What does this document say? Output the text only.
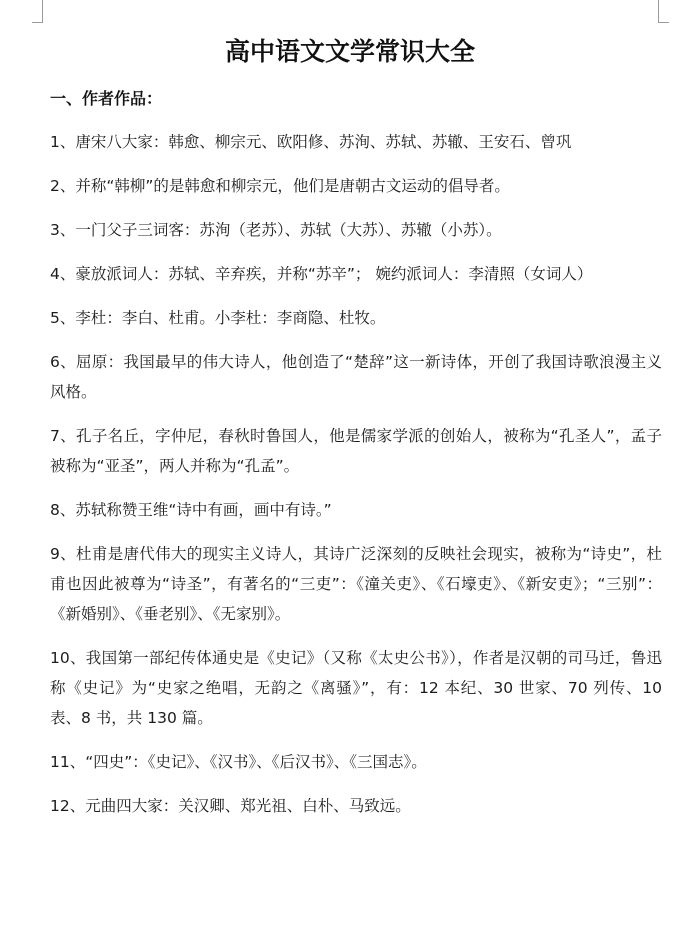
高中语文文学常识大全
一、作者作品：
1、唐宋八大家：韩愈、柳宗元、欧阳修、苏洵、苏轼、苏辙、王安石、曾巩
2、并称“韩柳”的是韩愈和柳宗元，他们是唐朝古文运动的倡导者。
3、一门父子三词客：苏洵（老苏）、苏轼（大苏）、苏辙（小苏）。
4、豪放派词人：苏轼、辛弃疾，并称“苏辛”； 婉约派词人：李清照（女词人）
5、李杜：李白、杜甫。小李杜：李商隐、杜牧。
6、屈原：我国最早的伟大诗人，他创造了“楚辞”这一新诗体，开创了我国诗歌浪漫主义风格。
7、孔子名丘，字仲尼，春秋时鲁国人，他是儒家学派的创始人，被称为“孔圣人”，孟子被称为“亚圣”，两人并称为“孔孟”。
8、苏轼称赞王维“诗中有画，画中有诗。”
9、杜甫是唐代伟大的现实主义诗人，其诗广泛深刻的反映社会现实，被称为“诗史”，杜甫也因此被尊为“诗圣”，有著名的“三吏”：《潼关吏》、《石壕吏》、《新安吏》；“三别”：《新婚别》、《垂老别》、《无家别》。
10、我国第一部纪传体通史是《史记》（又称《太史公书》），作者是汉朝的司马迁，鲁迅称《史记》为“史家之绝唱，无韵之《离骚》”，有：12 本纪、30 世家、70 列传、10 表、8 书，共 130 篇。
11、“四史”：《史记》、《汉书》、《后汉书》、《三国志》。
12、元曲四大家：关汉卿、郑光祖、白朴、马致远。
